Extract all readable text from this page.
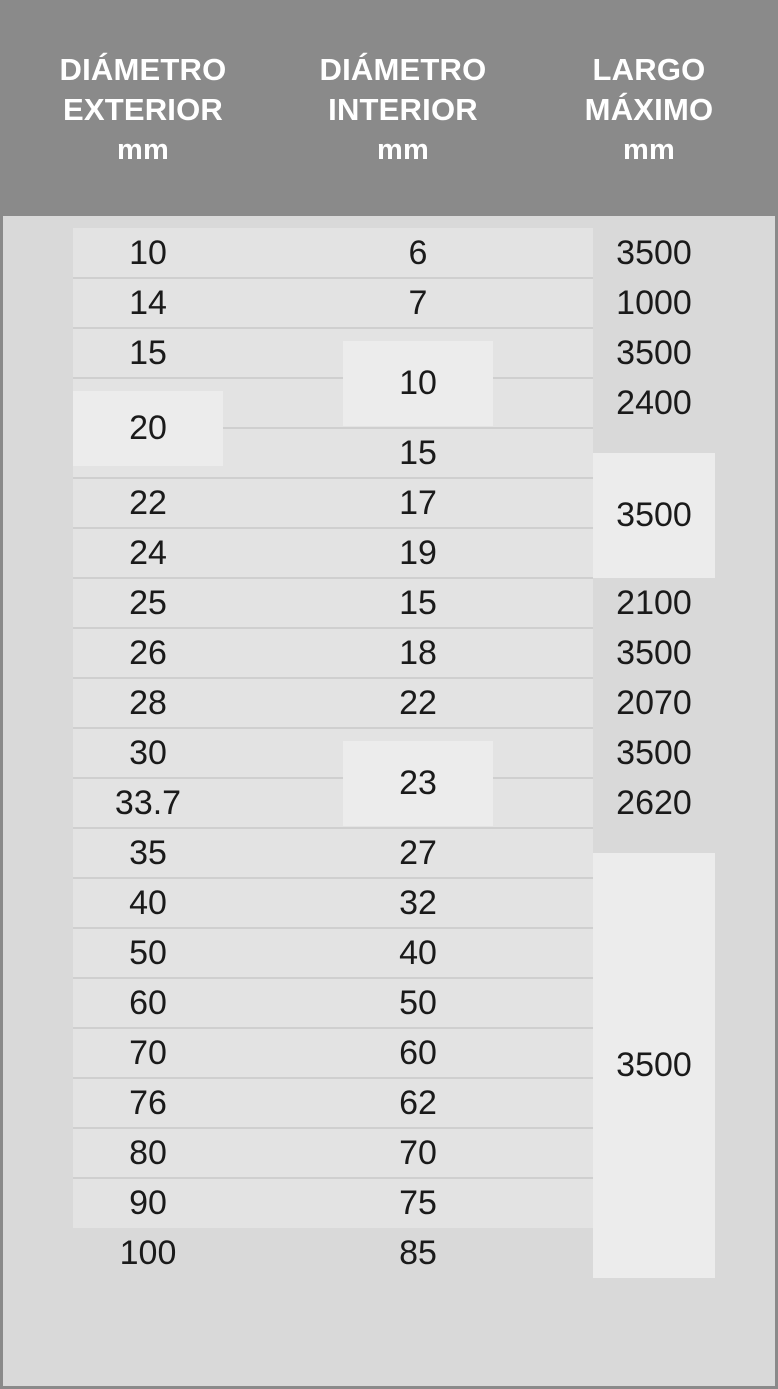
DIÁMETRO
EXTERIOR
mm
DIÁMETRO
INTERIOR
mm
LARGO
MÁXIMO
mm
10
14
15
20
22
24
25
26
28
30
33.7
35
40
50
60
70
76
80
90
100
6
7
10
15
17
19
15
18
22
23
27
32
40
50
60
62
70
75
85
3500
1000
3500
2400
3500
2100
3500
2070
3500
2620
3500
